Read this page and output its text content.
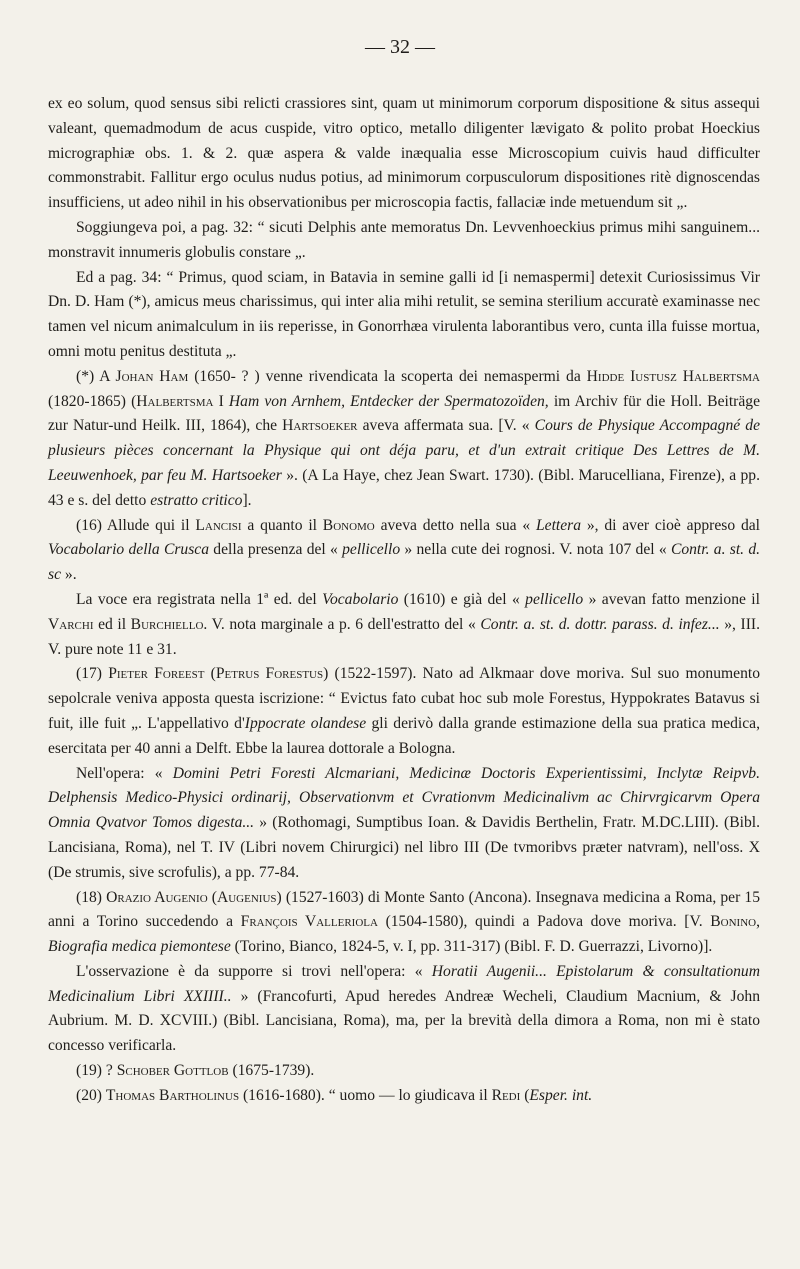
— 32 —

ex eo solum, quod sensus sibi relicti crassiores sint, quam ut minimorum corporum dispositione & situs assequi valeant, quemadmodum de acus cuspide, vitro optico, metallo diligenter lævigato & polito probat Hoeckius micrographiæ obs. 1. & 2. quæ aspera & valde inæqualia esse Microscopium cuivis haud difficulter commonstrabit. Fallitur ergo oculus nudus potius, ad minimorum corpusculorum dispositiones ritè dignoscendas insufficiens, ut adeo nihil in his observationibus per microscopia factis, fallaciæ inde metuendum sit „.

Soggiungeva poi, a pag. 32: “ sicuti Delphis ante memoratus Dn. Levvenhoeckius primus mihi sanguinem... monstravit innumeris globulis constare „.

Ed a pag. 34: “ Primus, quod sciam, in Batavia in semine galli id [i nemaspermi] detexit Curiosissimus Vir Dn. D. Ham (*), amicus meus charissimus, qui inter alia mihi retulit, se semina sterilium accuratè examinasse nec tamen vel nicum animalculum in iis reperisse, in Gonorrhæa virulenta laborantibus vero, cunta illa fuisse mortua, omni motu penitus destituta „.

(*) A Johan Ham (1650- ? ) venne rivendicata la scoperta dei nemaspermi da Hidde Iustusz Halbertsma (1820-1865) (Halbertsma I Ham von Arnhem, Entdecker der Spermatozoïden, im Archiv für die Holl. Beiträge zur Natur-und Heilk. III, 1864), che Hartsoeker aveva affermata sua. [V. « Cours de Physique Accompagné de plusieurs pièces concernant la Physique qui ont déja paru, et d'un extrait critique Des Lettres de M. Leeuwenhoek, par feu M. Hartsoeker ». (A La Haye, chez Jean Swart. 1730). (Bibl. Marucelliana, Firenze), a pp. 43 e s. del detto estratto critico].

(16) Allude qui il Lancisi a quanto il Bonomo aveva detto nella sua « Lettera », di aver cioè appreso dal Vocabolario della Crusca della presenza del « pellicello » nella cute dei rognosi. V. nota 107 del « Contr. a. st. d. sc ».

La voce era registrata nella 1ª ed. del Vocabolario (1610) e già del « pellicello » avevan fatto menzione il Varchi ed il Burchiello. V. nota marginale a p. 6 dell'estratto del « Contr. a. st. d. dottr. parass. d. infez... », III. V. pure note 11 e 31.

(17) Pieter Foreest (Petrus Forestus) (1522-1597). Nato ad Alkmaar dove moriva. Sul suo monumento sepolcrale veniva apposta questa iscrizione: “ Evictus fato cubat hoc sub mole Forestus, Hyppokrates Batavus si fuit, ille fuit „. L'appellativo d'Ippocrate olandese gli derivò dalla grande estimazione della sua pratica medica, esercitata per 40 anni a Delft. Ebbe la laurea dottorale a Bologna.

Nell'opera: « Domini Petri Foresti Alcmariani, Medicinæ Doctoris Experientissimi, Inclytæ Reipvb. Delphensis Medico-Physici ordinarij, Observationvm et Cvrationvm Medicinalivm ac Chirvrgicarvm Opera Omnia Qvatvor Tomos digesta... » (Rothomagi, Sumptibus Ioan. & Davidis Berthelin, Fratr. M.DC.LIII). (Bibl. Lancisiana, Roma), nel T. IV (Libri novem Chirurgici) nel libro III (De tvmoribvs præter natvram), nell'oss. X (De strumis, sive scrofulis), a pp. 77-84.

(18) Orazio Augenio (Augenius) (1527-1603) di Monte Santo (Ancona). Insegnava medicina a Roma, per 15 anni a Torino succedendo a François Valleriola (1504-1580), quindi a Padova dove moriva. [V. Bonino, Biografia medica piemontese (Torino, Bianco, 1824-5, v. I, pp. 311-317) (Bibl. F. D. Guerrazzi, Livorno)].

L'osservazione è da supporre si trovi nell'opera: « Horatii Augenii... Epistolarum & consultationum Medicinalium Libri XXIIII.. » (Francofurti, Apud heredes Andreæ Wecheli, Claudium Macnium, & John Aubrium. M. D. XCVIII.) (Bibl. Lancisiana, Roma), ma, per la brevità della dimora a Roma, non mi è stato concesso verificarla.

(19) ? Schober Gottlob (1675-1739).

(20) Thomas Bartholinus (1616-1680). “ uomo — lo giudicava il Redi (Esper. int.
